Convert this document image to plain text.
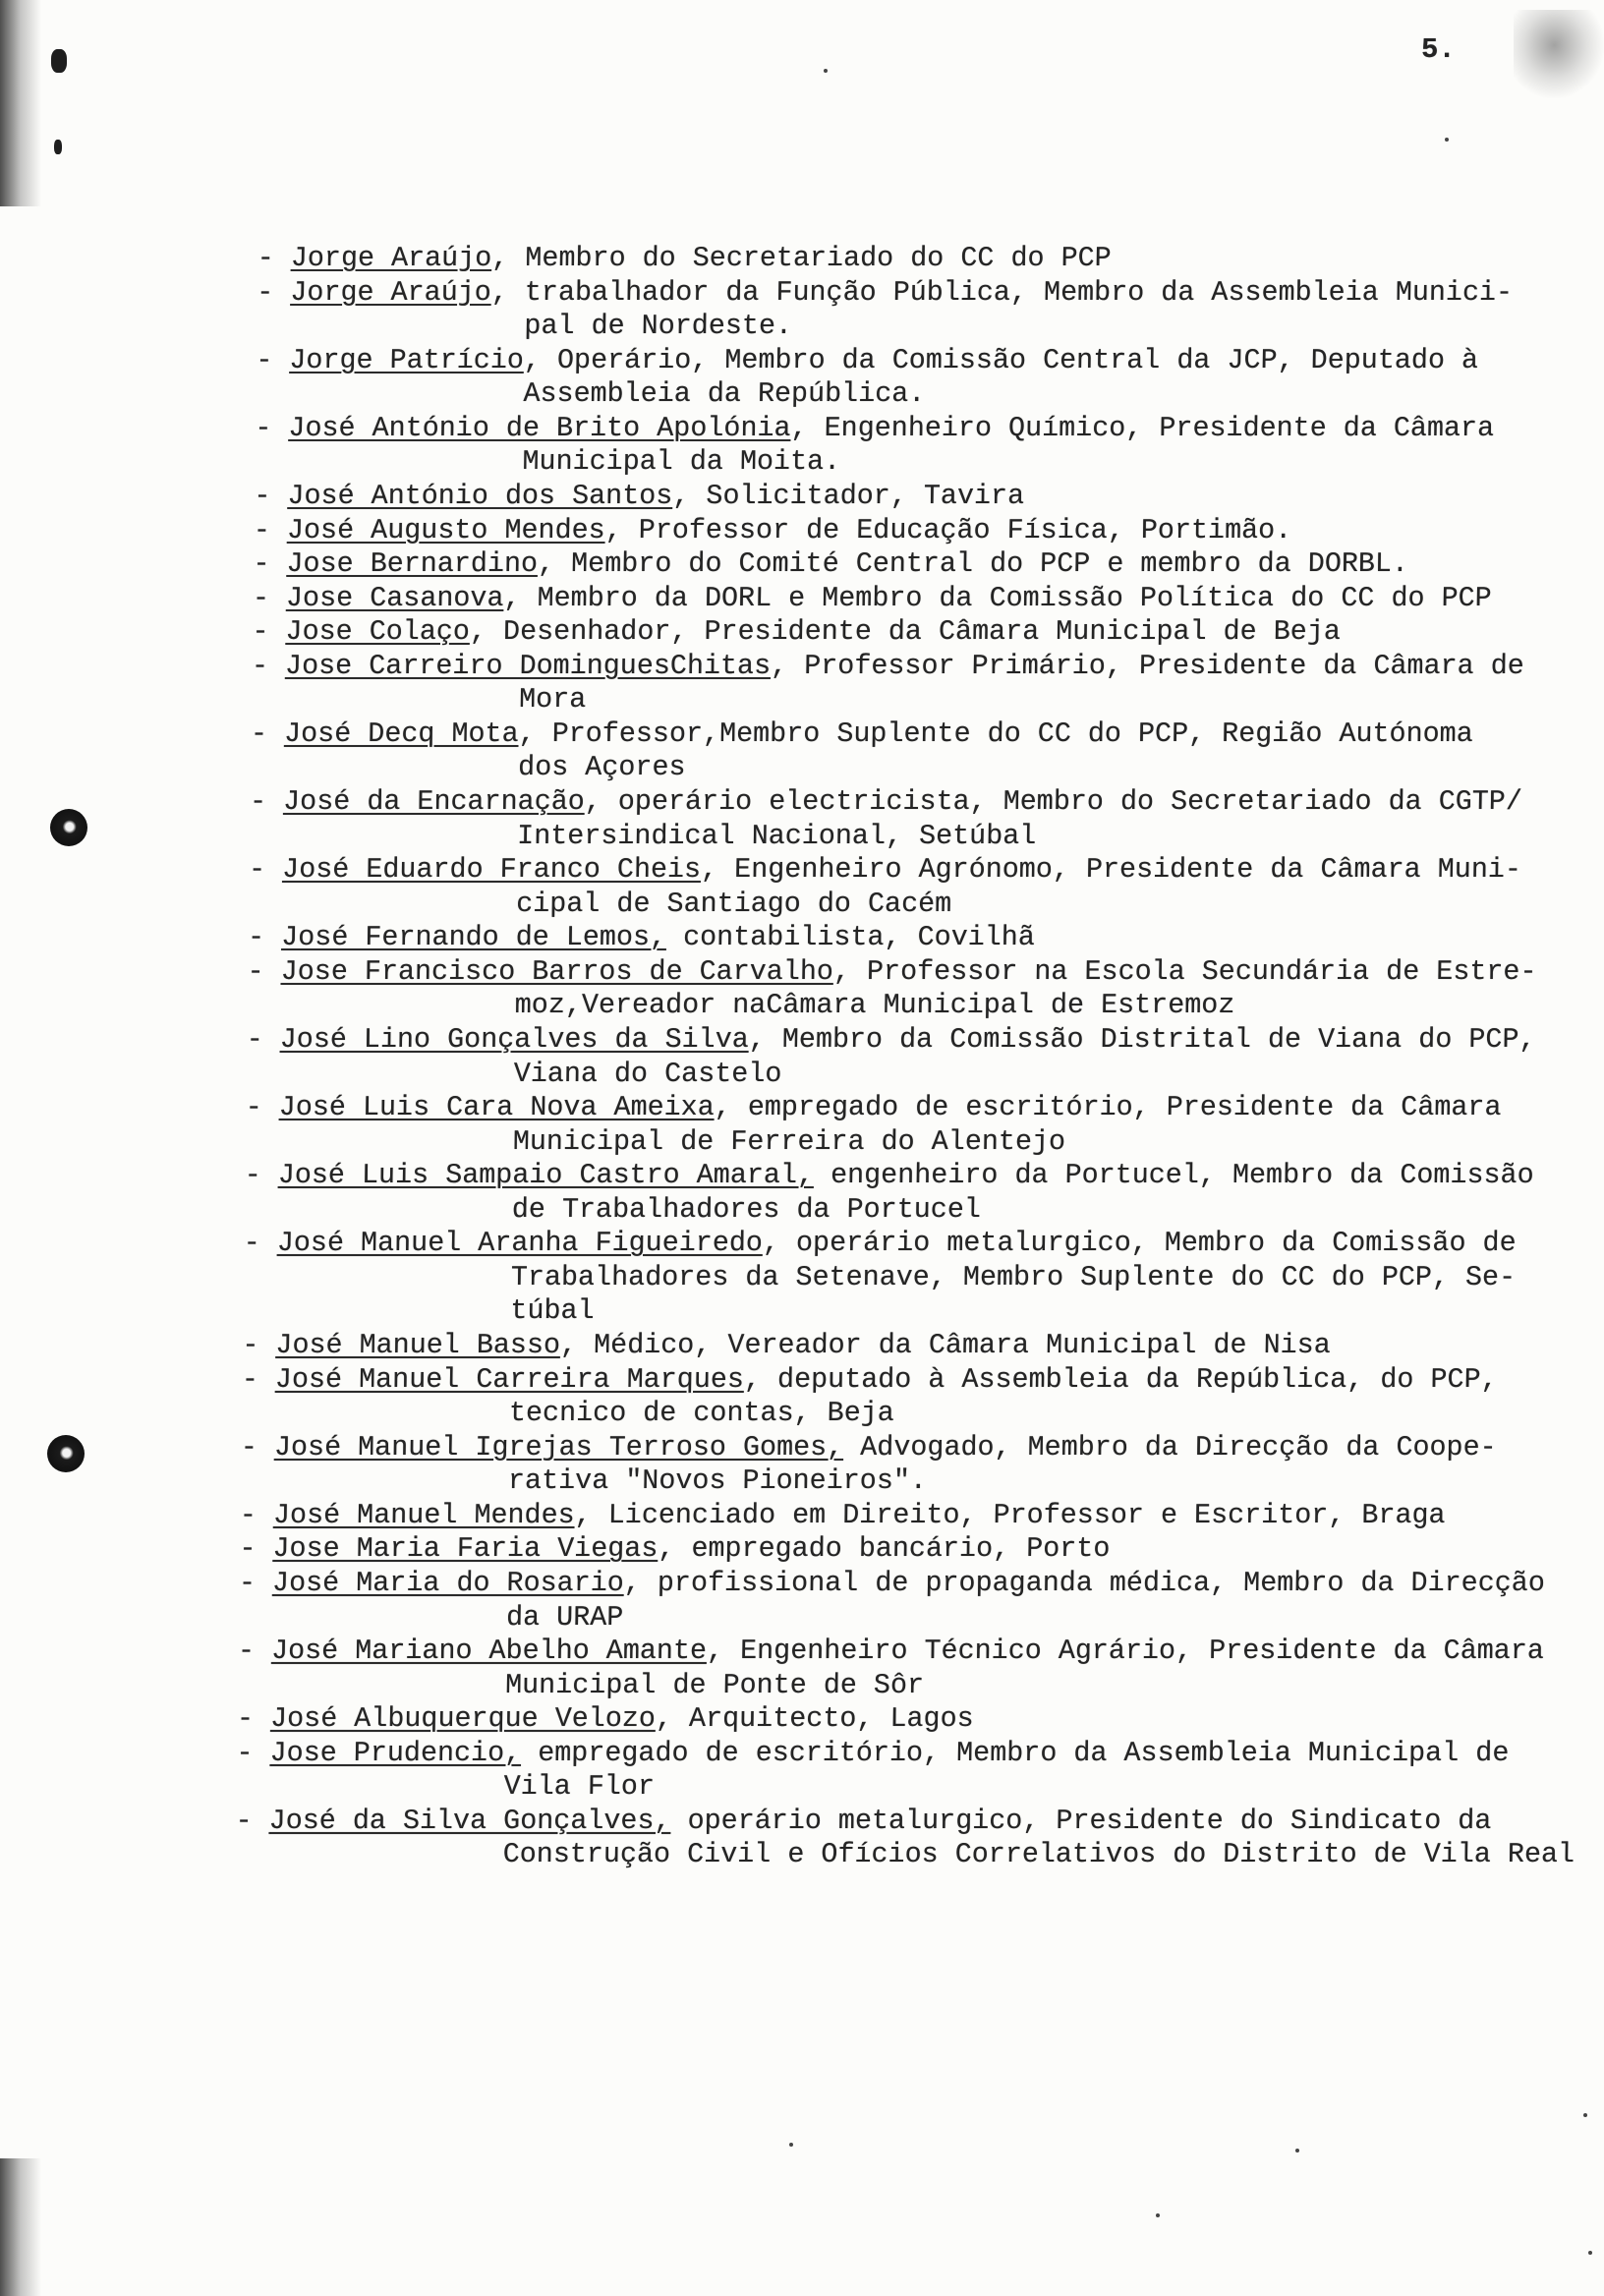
5.
- Jorge Araújo, Membro do Secretariado do CC do PCP
- Jorge Araújo, trabalhador da Função Pública, Membro da Assembleia Munici-
pal de Nordeste.
- Jorge Patrício, Operário, Membro da Comissão Central da JCP, Deputado à
Assembleia da República.
- José António de Brito Apolónia, Engenheiro Químico, Presidente da Câmara
Municipal da Moita.
- José António dos Santos, Solicitador, Tavira
- José Augusto Mendes, Professor de Educação Física, Portimão.
- Jose Bernardino, Membro do Comité Central do PCP e membro da DORBL.
- Jose Casanova, Membro da DORL e Membro da Comissão Política do CC do PCP
- Jose Colaço, Desenhador, Presidente da Câmara Municipal de Beja
- Jose Carreiro DominguesChitas, Professor Primário, Presidente da Câmara de
Mora
- José Decq Mota, Professor,Membro Suplente do CC do PCP, Região Autónoma
dos Açores
- José da Encarnação, operário electricista, Membro do Secretariado da CGTP/
Intersindical Nacional, Setúbal
- José Eduardo Franco Cheis, Engenheiro Agrónomo, Presidente da Câmara Muni-
cipal de Santiago do Cacém
- José Fernando de Lemos, contabilista, Covilhã
- Jose Francisco Barros de Carvalho, Professor na Escola Secundária de Estre-
moz,Vereador naCâmara Municipal de Estremoz
- José Lino Gonçalves da Silva, Membro da Comissão Distrital de Viana do PCP,
Viana do Castelo
- José Luis Cara Nova Ameixa, empregado de escritório, Presidente da Câmara
Municipal de Ferreira do Alentejo
- José Luis Sampaio Castro Amaral, engenheiro da Portucel, Membro da Comissão
de Trabalhadores da Portucel
- José Manuel Aranha Figueiredo, operário metalurgico, Membro da Comissão de
Trabalhadores da Setenave, Membro Suplente do CC do PCP, Se-
túbal
- José Manuel Basso, Médico, Vereador da Câmara Municipal de Nisa
- José Manuel Carreira Marques, deputado à Assembleia da República, do PCP,
tecnico de contas, Beja
- José Manuel Igrejas Terroso Gomes, Advogado, Membro da Direcção da Coope-
rativa "Novos Pioneiros".
- José Manuel Mendes, Licenciado em Direito, Professor e Escritor, Braga
- Jose Maria Faria Viegas, empregado bancário, Porto
- José Maria do Rosario, profissional de propaganda médica, Membro da Direcção
da URAP
- José Mariano Abelho Amante, Engenheiro Técnico Agrário, Presidente da Câmara
Municipal de Ponte de Sôr
- José Albuquerque Velozo, Arquitecto, Lagos
- Jose Prudencio, empregado de escritório, Membro da Assembleia Municipal de
Vila Flor
- José da Silva Gonçalves, operário metalurgico, Presidente do Sindicato da
Construção Civil e Ofícios Correlativos do Distrito de Vila Real
